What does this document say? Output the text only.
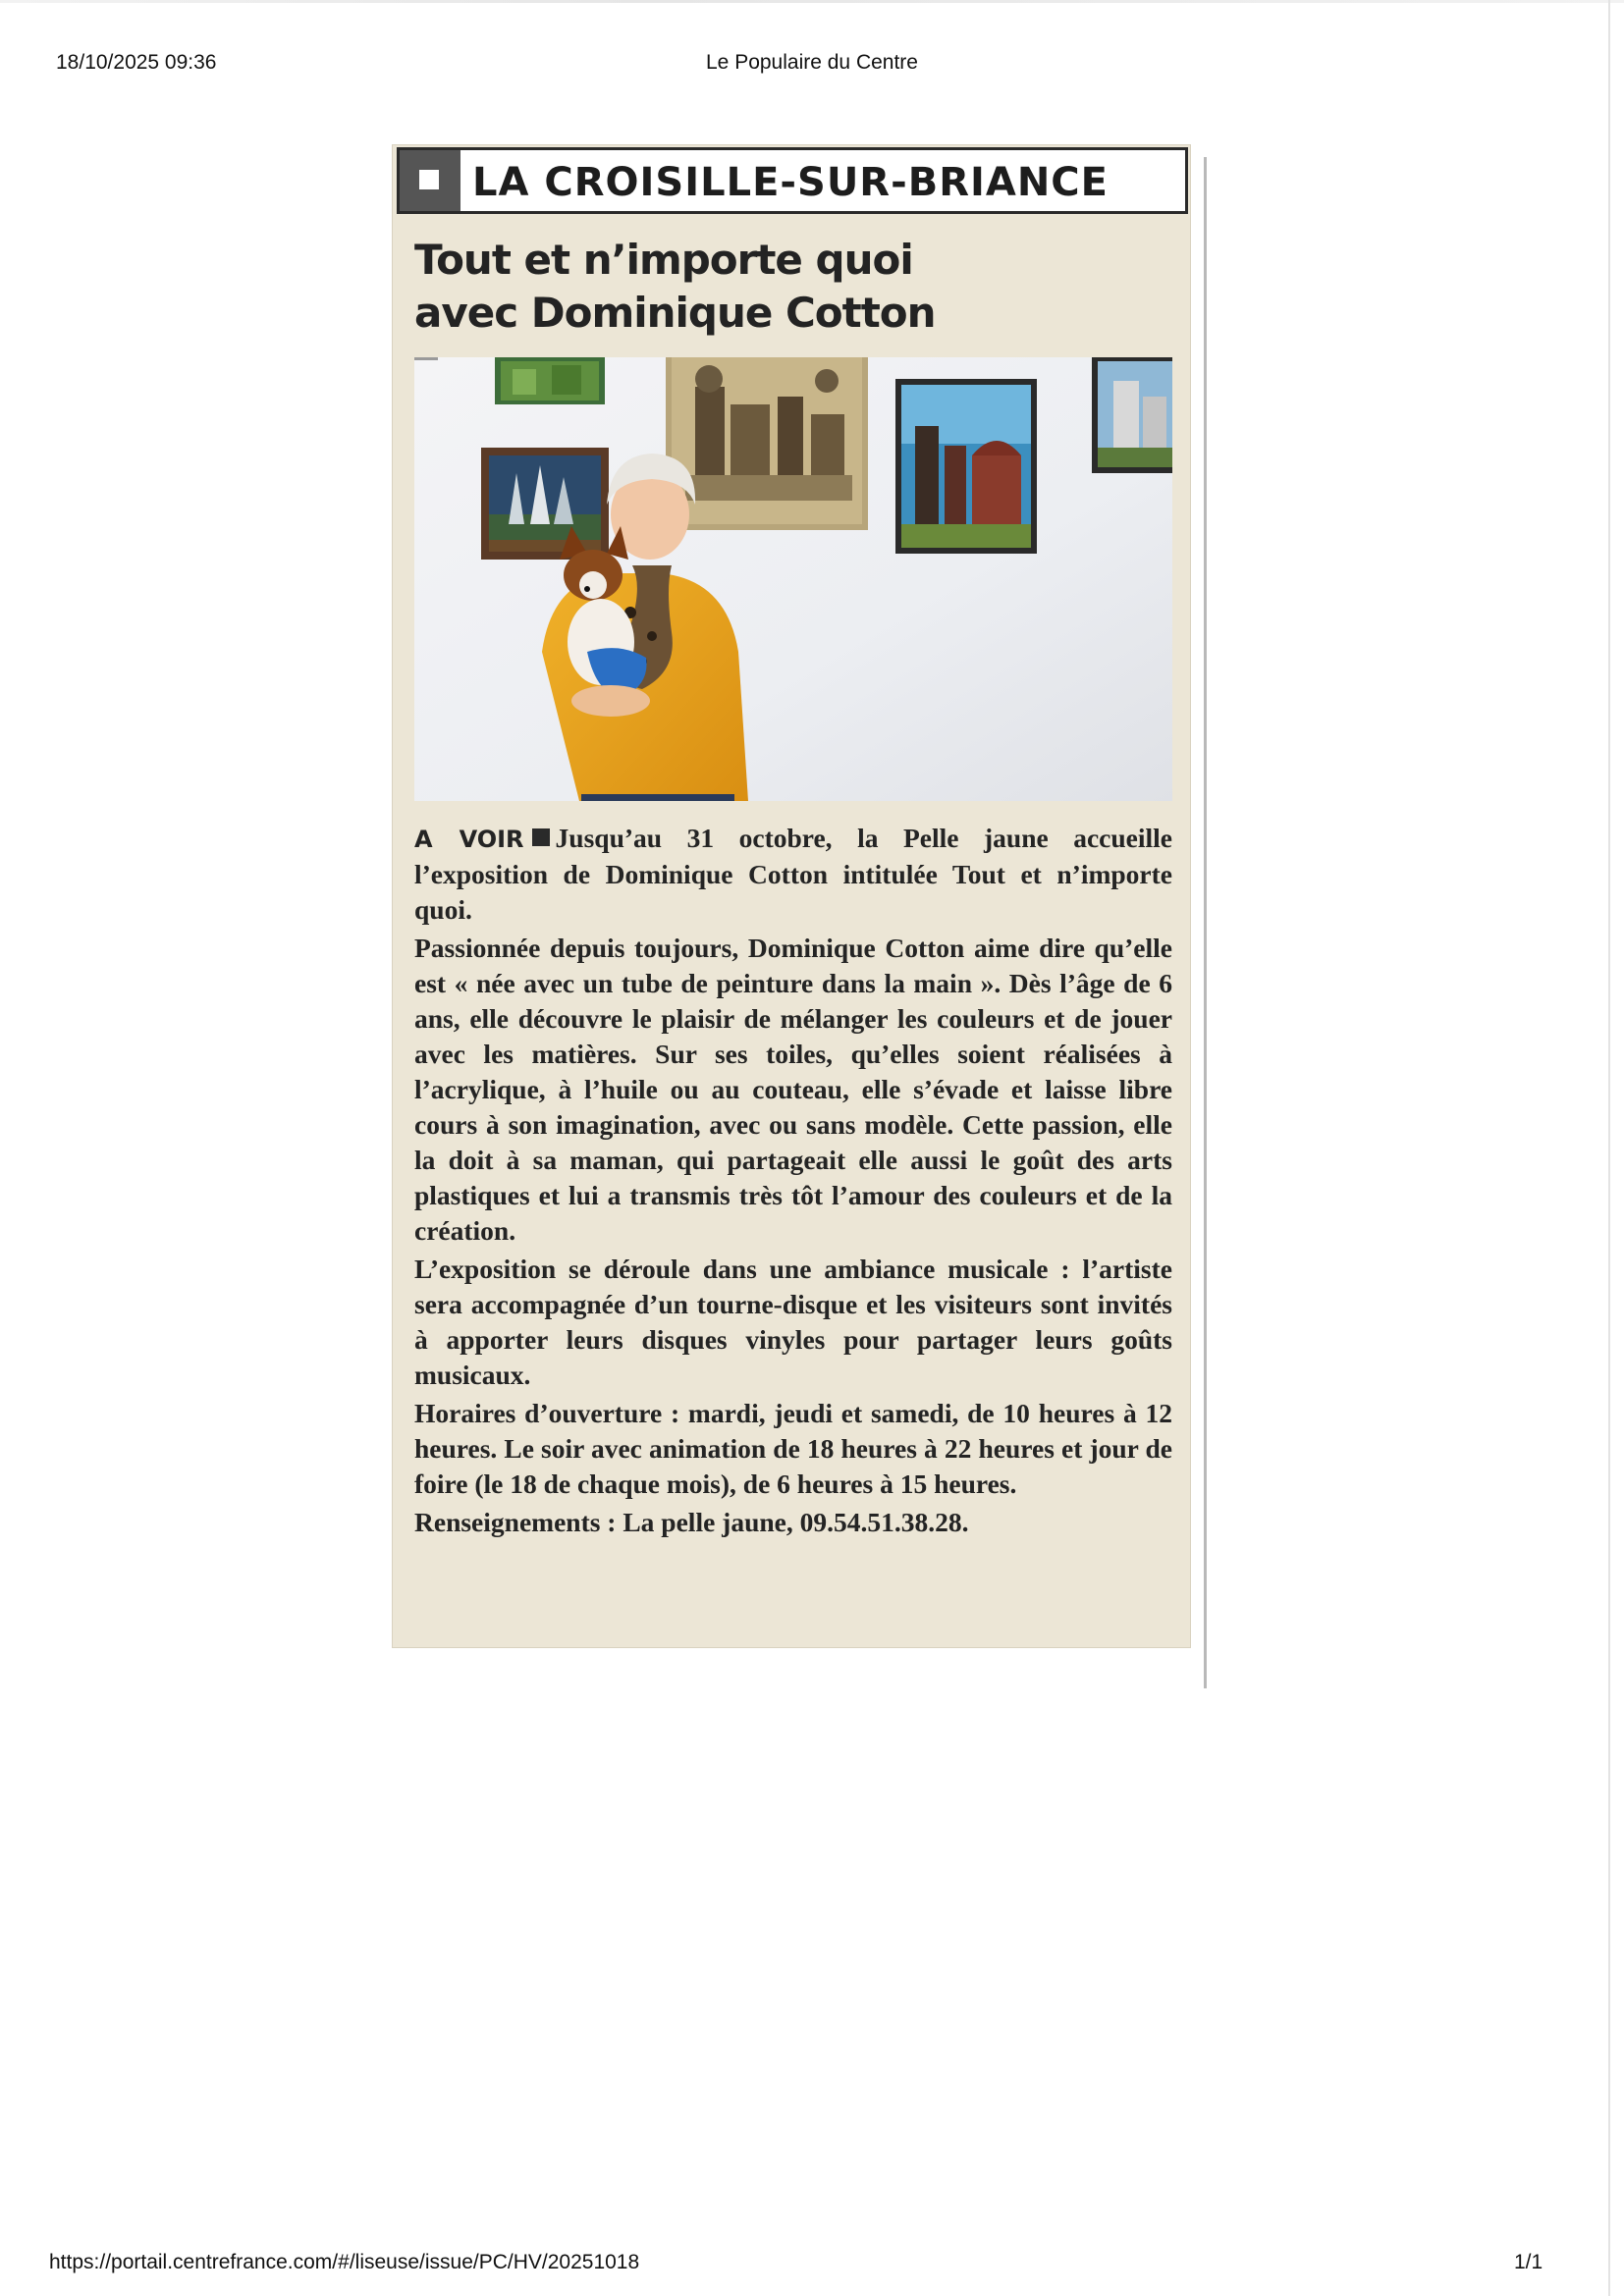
18/10/2025 09:36	Le Populaire du Centre
LA CROISILLE-SUR-BRIANCE
Tout et n’importe quoi
avec Dominique Cotton

A VOIR Jusqu’au 31 octobre, la Pelle jaune accueille l’exposition de Dominique Cotton intitulée Tout et n’importe quoi.

Passionnée depuis toujours, Dominique Cotton aime dire qu’elle est « née avec un tube de peinture dans la main ». Dès l’âge de 6 ans, elle découvre le plaisir de mélanger les couleurs et de jouer avec les matières. Sur ses toiles, qu’elles soient réalisées à l’acrylique, à l’huile ou au couteau, elle s’évade et laisse libre cours à son imagination, avec ou sans modèle. Cette passion, elle la doit à sa maman, qui partageait elle aussi le goût des arts plastiques et lui a transmis très tôt l’amour des couleurs et de la création.

L’exposition se déroule dans une ambiance musicale : l’artiste sera accompagnée d’un tourne-disque et les visiteurs sont invités à apporter leurs disques vinyles pour partager leurs goûts musicaux.

Horaires d’ouverture : mardi, jeudi et samedi, de 10 heures à 12 heures. Le soir avec animation de 18 heures à 22 heures et jour de foire (le 18 de chaque mois), de 6 heures à 15 heures.

Renseignements : La pelle jaune, 09.54.51.38.28.

https://portail.centrefrance.com/#/liseuse/issue/PC/HV/20251018	1/1
